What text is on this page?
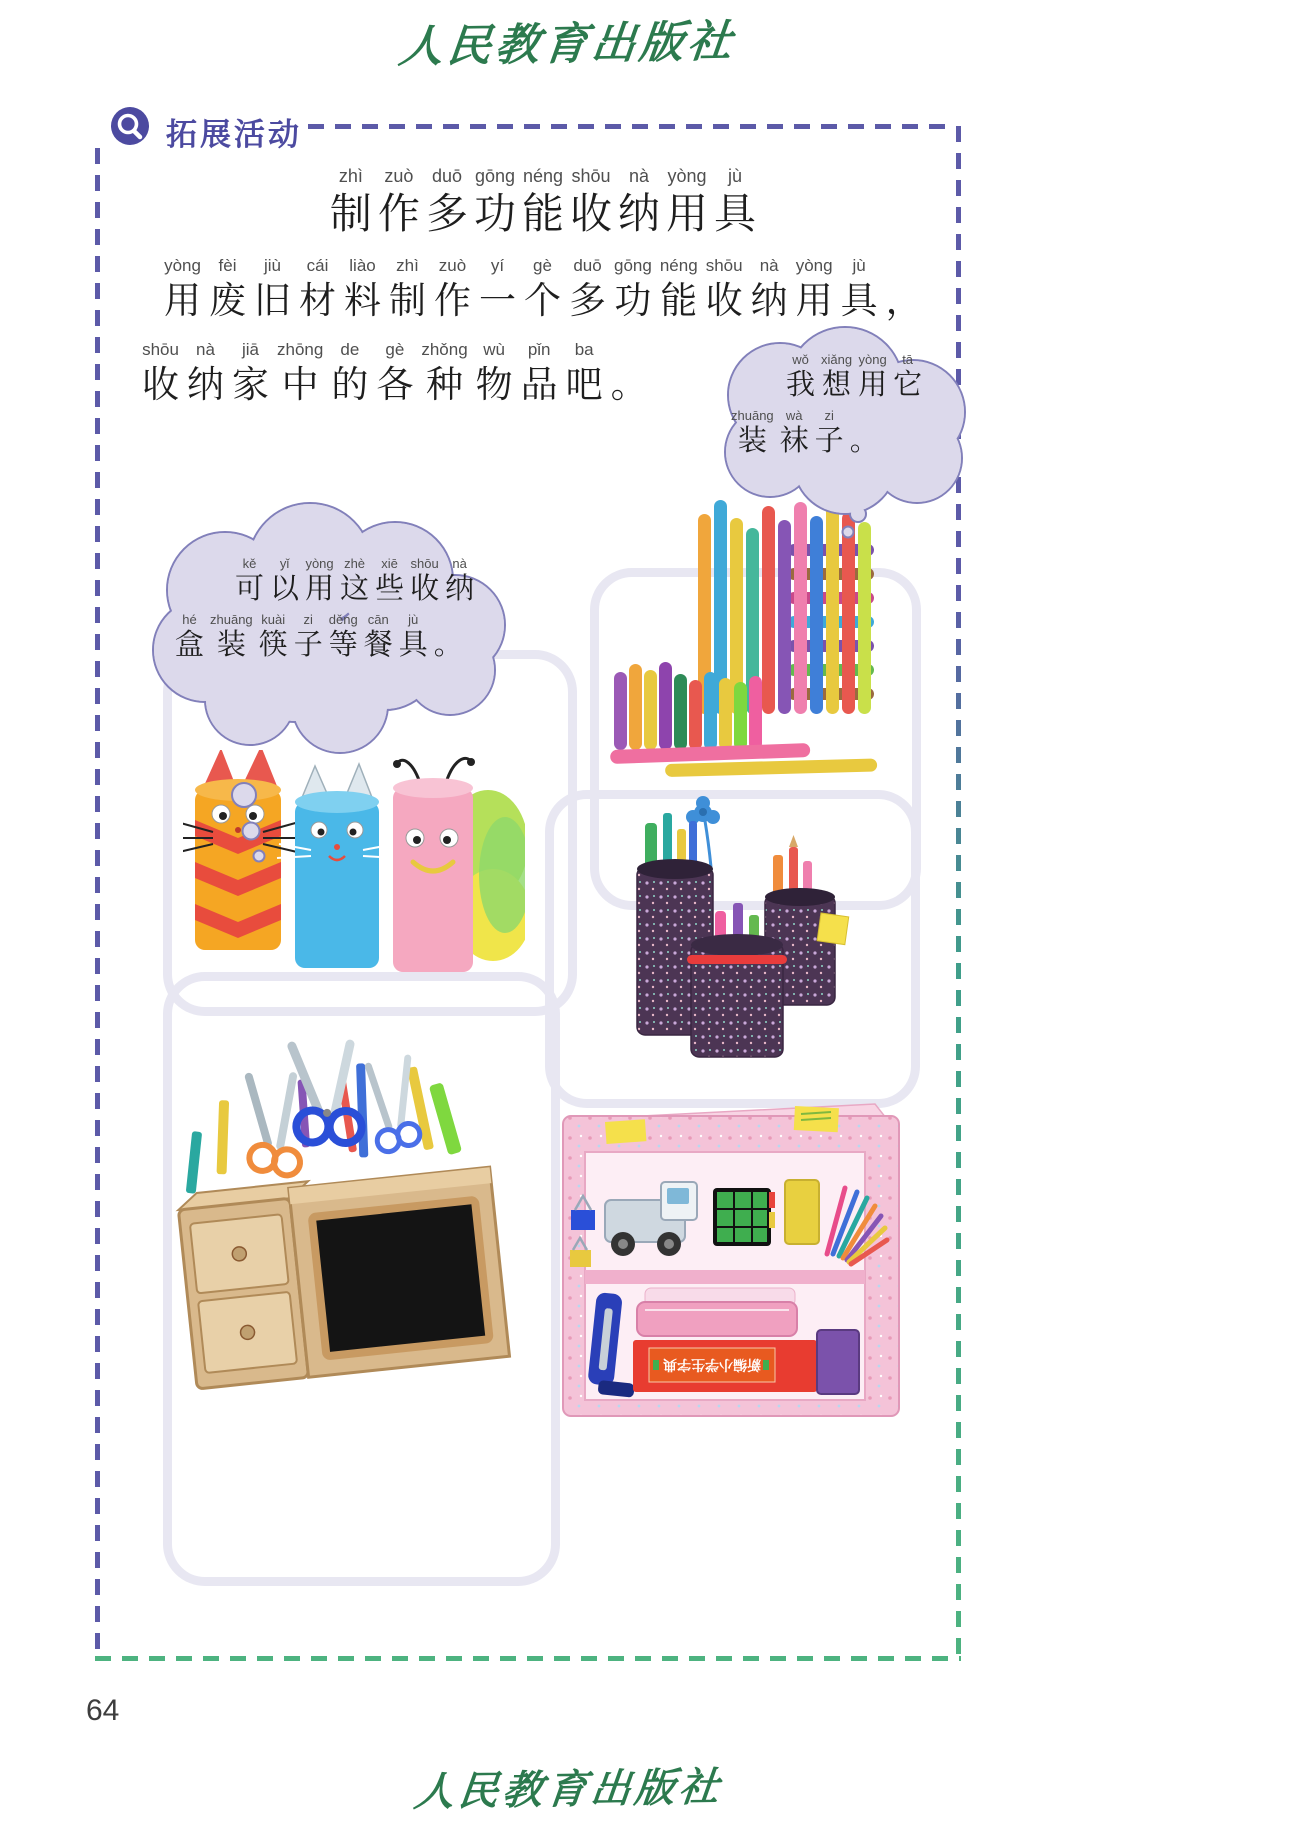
人民教育出版社
拓展活动
zhì
制
zuò
作
duō
多
gōng
功
néng
能
shōu
收
nà
纳
yòng
用
jù
具
yòng
用
fèi
废
jiù
旧
cái
材
liào
料
zhì
制
zuò
作
yí
一
gè
个
duō
多
gōng
功
néng
能
shōu
收
nà
纳
yòng
用
jù
具 ，
shōu
收
nà
纳
jiā
家
zhōng
中
de
的
gè
各
zhǒng
种
wù
物
pǐn
品
ba
吧 。
wǒ
我
xiǎng
想
yòng
用
tā
它
zhuāng
装
wà
袜
zi
子 。
kě
可
yǐ
以
yòng
用
zhè
这
xiē
些
shōu
收
nà
纳
hé
盒
zhuāng
装
kuài
筷
zi
子
děng
等
cān
餐
jù
具 。
新编小学生字典
64
人民教育出版社
